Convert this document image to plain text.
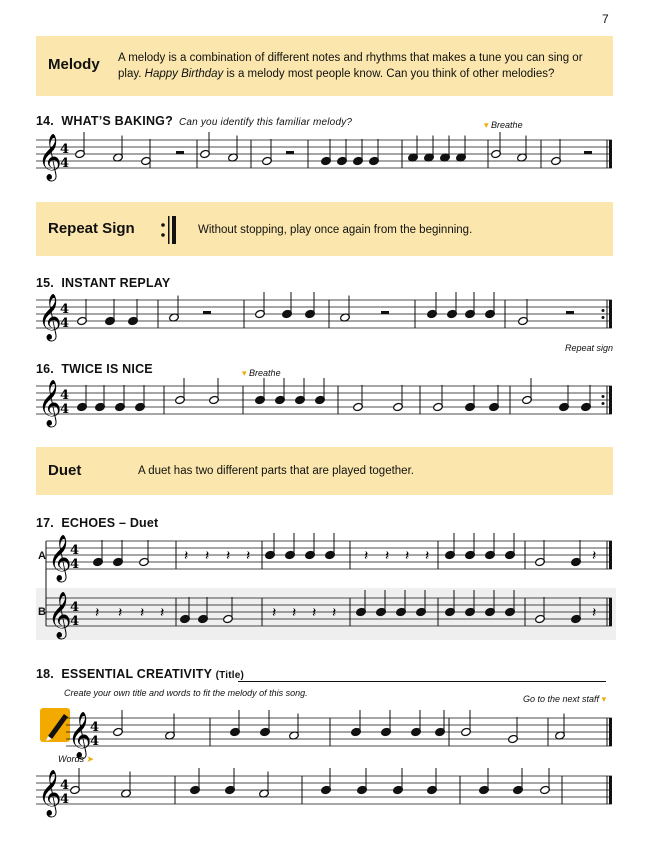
7
Melody A melody is a combination of different notes and rhythms that makes a tune you can sing or play. Happy Birthday is a melody most people know. Can you think of other melodies?
14. WHAT’S BAKING? Can you identify this familiar melody?	▾ Breathe
Repeat Sign	Without stopping, play once again from the beginning.
15. INSTANT REPLAY
Repeat sign
16. TWICE IS NICE	▾ Breathe
Duet	A duet has two different parts that are played together.
17. ECHOES – Duet
A
B
18. ESSENTIAL CREATIVITY (Title)
Create your own title and words to fit the melody of this song.
Go to the next staff ▾
Words ➤
𝄞
4
4
𝄞
4
4
𝄞
4
4
𝄞
4
4
𝄽 𝄽 𝄽 𝄽	𝄽 𝄽 𝄽 𝄽	𝄽
𝄞
4
4
𝄽 𝄽 𝄽 𝄽	𝄽 𝄽 𝄽 𝄽	𝄽
𝄞
4
4
𝄞
4
4
